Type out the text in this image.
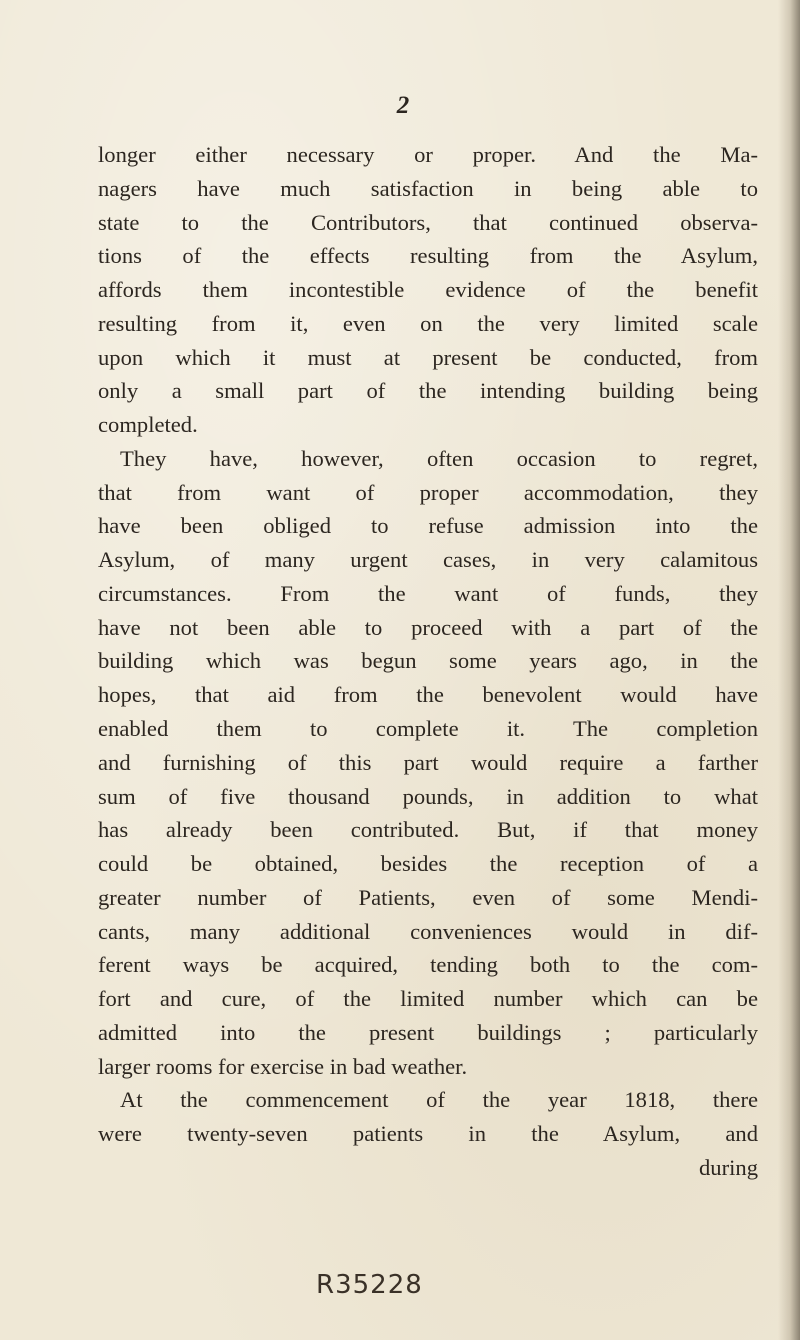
2
longer either necessary or proper. And the Ma-
nagers have much satisfaction in being able to
state to the Contributors, that continued observa-
tions of the effects resulting from the Asylum,
affords them incontestible evidence of the benefit
resulting from it, even on the very limited scale
upon which it must at present be conducted, from
only a small part of the intending building being
completed.
They have, however, often occasion to regret,
that from want of proper accommodation, they
have been obliged to refuse admission into the
Asylum, of many urgent cases, in very calamitous
circumstances. From the want of funds, they
have not been able to proceed with a part of the
building which was begun some years ago, in the
hopes, that aid from the benevolent would have
enabled them to complete it. The completion
and furnishing of this part would require a farther
sum of five thousand pounds, in addition to what
has already been contributed. But, if that money
could be obtained, besides the reception of a
greater number of Patients, even of some Mendi-
cants, many additional conveniences would in dif-
ferent ways be acquired, tending both to the com-
fort and cure, of the limited number which can be
admitted into the present buildings ; particularly
larger rooms for exercise in bad weather.
At the commencement of the year 1818, there
were twenty-seven patients in the Asylum, and
during
R35228
